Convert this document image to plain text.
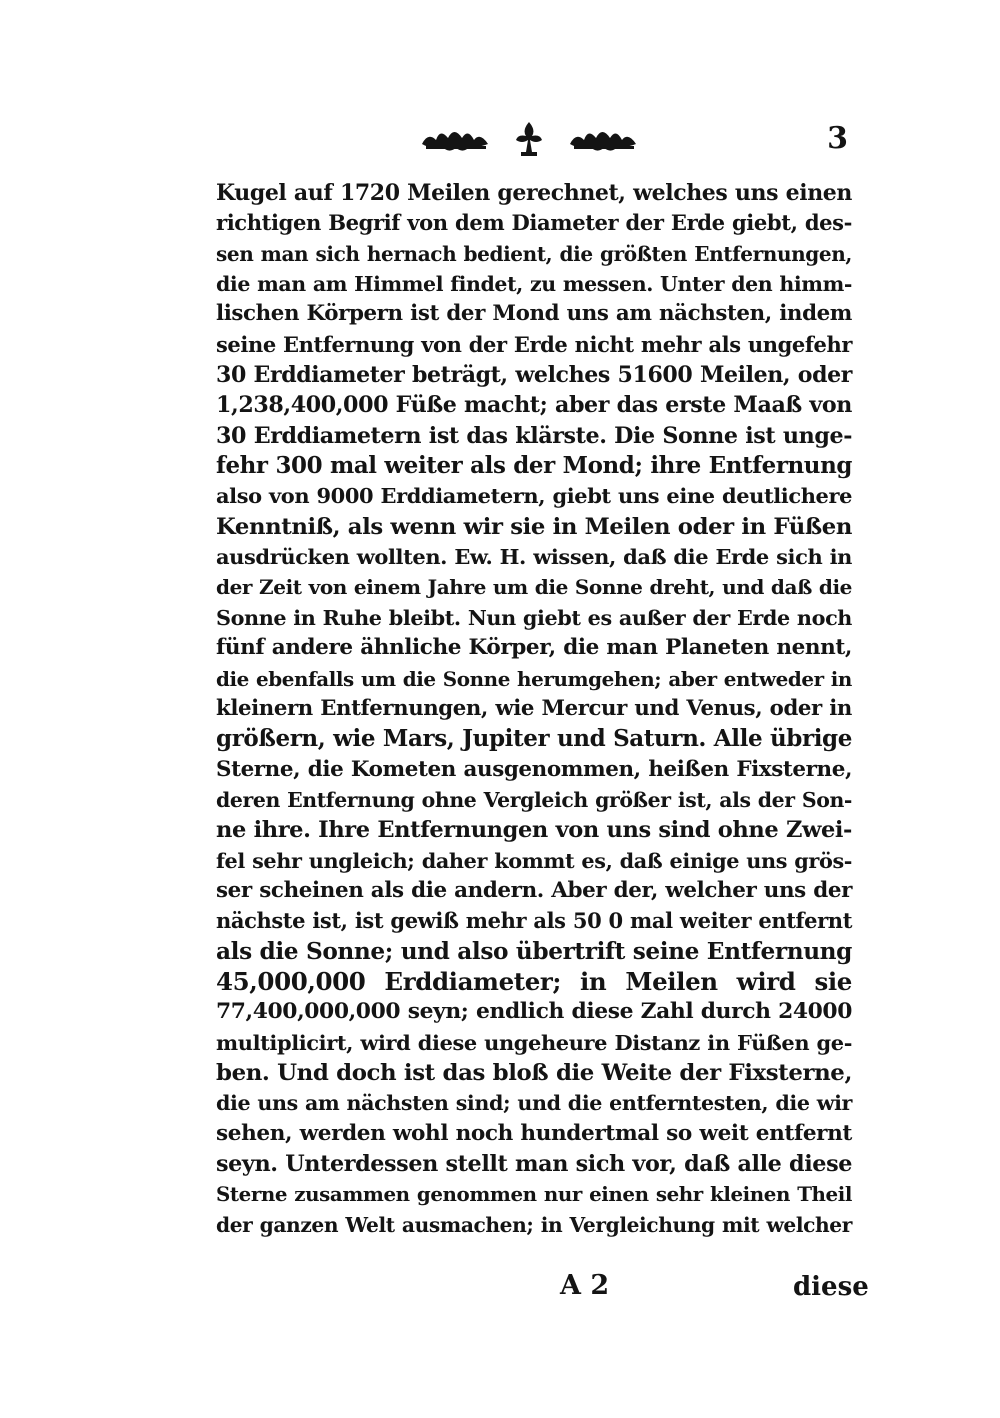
3
Kugel auf 1720 Meilen gerechnet, welches uns einen
richtigen Begrif von dem Diameter der Erde giebt, des-
sen man sich hernach bedient, die größten Entfernungen,
die man am Himmel findet, zu messen. Unter den himm-
lischen Körpern ist der Mond uns am nächsten, indem
seine Entfernung von der Erde nicht mehr als ungefehr
30 Erddiameter beträgt, welches 51600 Meilen, oder
1,238,400,000 Füße macht; aber das erste Maaß von
30 Erddiametern ist das klärste. Die Sonne ist unge-
fehr 300 mal weiter als der Mond; ihre Entfernung
also von 9000 Erddiametern, giebt uns eine deutlichere
Kenntniß, als wenn wir sie in Meilen oder in Füßen
ausdrücken wollten. Ew. H. wissen, daß die Erde sich in
der Zeit von einem Jahre um die Sonne dreht, und daß die
Sonne in Ruhe bleibt. Nun giebt es außer der Erde noch
fünf andere ähnliche Körper, die man Planeten nennt,
die ebenfalls um die Sonne herumgehen; aber entweder in
kleinern Entfernungen, wie Mercur und Venus, oder in
größern, wie Mars, Jupiter und Saturn. Alle übrige
Sterne, die Kometen ausgenommen, heißen Fixsterne,
deren Entfernung ohne Vergleich größer ist, als der Son-
ne ihre. Ihre Entfernungen von uns sind ohne Zwei-
fel sehr ungleich; daher kommt es, daß einige uns grös-
ser scheinen als die andern. Aber der, welcher uns der
nächste ist, ist gewiß mehr als 50 0 mal weiter entfernt
als die Sonne; und also übertrift seine Entfernung
45,000,000 Erddiameter; in Meilen wird sie
77,400,000,000 seyn; endlich diese Zahl durch 24000
multiplicirt, wird diese ungeheure Distanz in Füßen ge-
ben. Und doch ist das bloß die Weite der Fixsterne,
die uns am nächsten sind; und die entferntesten, die wir
sehen, werden wohl noch hundertmal so weit entfernt
seyn. Unterdessen stellt man sich vor, daß alle diese
Sterne zusammen genommen nur einen sehr kleinen Theil
der ganzen Welt ausmachen; in Vergleichung mit welcher
A 2	diese
